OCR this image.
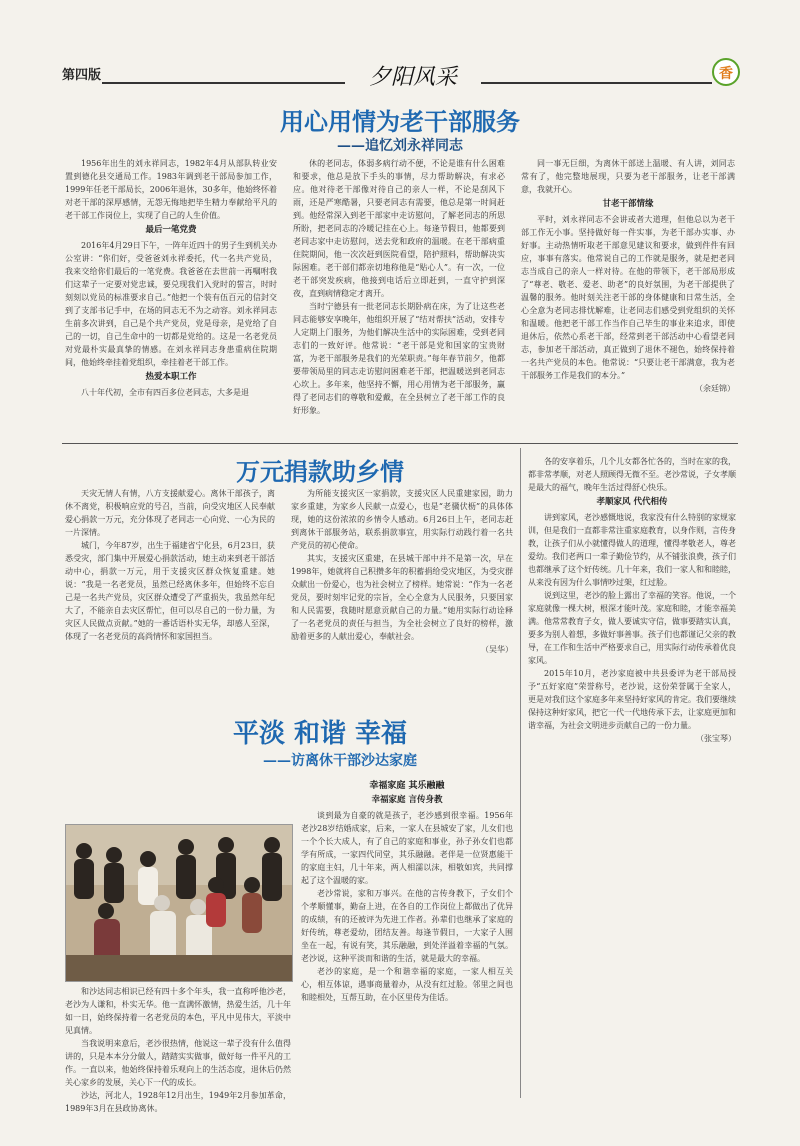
第四版	夕阳风采	香
用心用情为老干部服务
——追忆刘永祥同志

1956年出生的刘永祥同志，1982年4月从部队转业安置到德化县交通局工作。1983年调到老干部局参加工作，1999年任老干部局长，2006年退休，30多年，他始终怀着对老干部的深厚感情，无怨无悔地把毕生精力奉献给平凡的老干部工作岗位上，实现了自己的人生价值。

最后一笔党费

2016年4月29日下午，一阵年近四十的男子生到机关办公室讲：“你们好，受爸爸刘永祥委托，代一名共产党员，我来交给你们最后的一笔党费。我爸爸在去世前一再嘱咐我们这辈子一定要对党忠诚，要兑现我们入党时的誓言，时时刻刻以党员的标准要求自己。”他把一个装有伍百元的信封交到了支部书记手中，在场的同志无不为之动容。刘永祥同志生前多次讲到，自己是个共产党员，党是母亲，是党给了自己的一切，自己生命中的一切都是党给的。这是一名老党员对党最朴实最真挚的情感。在刘永祥同志身患重病住院期间，他始终牵挂着党组织，牵挂着老干部工作。

热爱本职工作

八十年代初，全市有四百多位老同志，大多是退

休的老同志，体弱多病行动不便，不论是谁有什么困难和要求，他总是放下手头的事情，尽力帮助解决，有求必应。他对待老干部像对待自己的亲人一样，不论是刮风下雨，还是严寒酷暑，只要老同志有需要，他总是第一时间赶到。他经常深入到老干部家中走访慰问，了解老同志的所思所盼，把老同志的冷暖记挂在心上。每逢节假日，他都要到老同志家中走访慰问，送去党和政府的温暖。在老干部病重住院期间，他一次次赶到医院看望，陪护照料，帮助解决实际困难。老干部们都亲切地称他是“贴心人”。有一次，一位老干部突发疾病，他接到电话后立即赶到，一直守护到深夜，直到病情稳定才离开。

当时宁德县有一批老同志长期卧病在床，为了让这些老同志能够安享晚年，他组织开展了“结对帮扶”活动，安排专人定期上门服务，为他们解决生活中的实际困难，受到老同志们的一致好评。他常说：“老干部是党和国家的宝贵财富，为老干部服务是我们的光荣职责。”每年春节前夕，他都要带领局里的同志走访慰问困难老干部，把温暖送到老同志心坎上。多年来，他坚持不懈，用心用情为老干部服务，赢得了老同志们的尊敬和爱戴，在全县树立了老干部工作的良好形象。

同一事无巨细，为离休干部送上温暖、有人讲，刘同志常有了，他完整地展现，只要为老干部服务，让老干部满意，我就开心。

甘老干部情缘

平时，刘永祥同志不会讲或者大道理，但他总以为老干部工作无小事。坚持做好每一件实事，为老干部办实事、办好事。主动热情听取老干部意见建议和要求，做到件件有回应，事事有落实。他常说自己的工作就是服务，就是把老同志当成自己的亲人一样对待。在他的带领下，老干部局形成了“尊老、敬老、爱老、助老”的良好氛围，为老干部提供了温馨的服务。他时刻关注老干部的身体健康和日常生活，全心全意为老同志排忧解难，让老同志们感受到党组织的关怀和温暖。他把老干部工作当作自己毕生的事业来追求，即使退休后，依然心系老干部，经常到老干部活动中心看望老同志，参加老干部活动，真正做到了退休不褪色，始终保持着一名共产党员的本色。他常说：“只要让老干部满意，我为老干部服务工作是我们的本分。”

（余廷锦）

万元捐款助乡情

天灾无情人有情，八方支援献爱心。离休干部孩子，离休不离党，积极响应党的号召，当前，向受灾地区人民奉献爱心捐款一万元，充分体现了老同志一心向党、一心为民的一片深情。

城门，今年87岁，出生于福建省宁化县，6月23日，获悉受灾，部门集中开展爱心捐款活动，她主动来到老干部活动中心，捐款一万元，用于支援灾区群众恢复重建。她说：“我是一名老党员，虽然已经离休多年，但始终不忘自己是一名共产党员，灾区群众遭受了严重损失，我虽然年纪大了，不能亲自去灾区帮忙，但可以尽自己的一份力量，为灾区人民做点贡献。”她的一番话语朴实无华，却感人至深，体现了一名老党员的高尚情怀和家国担当。

为所能支援灾区一家捐款，支援灾区人民重建家园，助力家乡重建，为家乡人民献一点爱心，也是“老骥伏枥”的具体体现，她的这份浓浓的乡情令人感动。6月26日上午，老同志赶到离休干部服务站，联系捐款事宜，用实际行动践行着一名共产党员的初心使命。

其实，支援灾区重建，在县城干部中并不是第一次，早在1998年，她就将自己积攒多年的积蓄捐给受灾地区，为受灾群众献出一份爱心，也为社会树立了榜样。她常说：“作为一名老党员，要时刻牢记党的宗旨，全心全意为人民服务，只要国家和人民需要，我随时愿意贡献自己的力量。”她用实际行动诠释了一名老党员的责任与担当，为全社会树立了良好的榜样，激励着更多的人献出爱心，奉献社会。

（吴华）

平淡 和谐 幸福
——访离休干部沙达家庭

和沙达同志相识已经有四十多个年头，我一直称呼他沙老，老沙为人谦和，朴实无华。他一直满怀激情，热爱生活，几十年如一日，始终保持着一名老党员的本色，平凡中见伟大，平淡中见真情。

当我说明来意后，老沙很热情，他说这一辈子没有什么值得讲的，只是本本分分做人，踏踏实实做事，做好每一件平凡的工作。一直以来，他始终保持着乐观向上的生活态度，退休后仍然关心家乡的发展，关心下一代的成长。

沙达，河北人，1928年12月出生，1949年2月参加革命，1989年3月在县政协离休。

幸福家庭 言传身教

谈到最为自豪的就是孩子，老沙感到很幸福。1956年老沙28岁结婚成家，后来，一家人在县城安了家，儿女们也一个个长大成人，有了自己的家庭和事业，孙子孙女们也都学有所成，一家四代同堂，其乐融融。老伴是一位贤惠能干的家庭主妇，几十年来，两人相濡以沫，相敬如宾，共同撑起了这个温暖的家。

老沙常说，家和万事兴。在他的言传身教下，子女们个个孝顺懂事，勤奋上进，在各自的工作岗位上都做出了优异的成绩，有的还被评为先进工作者。孙辈们也继承了家庭的好传统，尊老爱幼，团结友善。每逢节假日，一大家子人围坐在一起，有说有笑，其乐融融，到处洋溢着幸福的气氛。老沙说，这种平淡而和谐的生活，就是最大的幸福。

老沙的家庭，是一个和谐幸福的家庭，一家人相互关心，相互体谅，遇事商量着办，从没有红过脸。邻里之间也和睦相处，互帮互助，在小区里传为佳话。

各的安享着乐，几个儿女都各忙各的，当时在家的我，都非常孝顺，对老人照顾得无微不至。老沙常说，子女孝顺是最大的福气，晚年生活过得舒心快乐。

孝顺家风 代代相传

讲到家风，老沙感慨地说，我家没有什么特别的家规家训，但是我们一直都非常注重家庭教育，以身作则，言传身教，让孩子们从小就懂得做人的道理，懂得孝敬老人，尊老爱幼。我们老两口一辈子勤俭节约，从不铺张浪费，孩子们也都继承了这个好传统。几十年来，我们一家人和和睦睦，从来没有因为什么事情吵过架，红过脸。

说到这里，老沙的脸上露出了幸福的笑容。他说，一个家庭就像一棵大树，根深才能叶茂。家庭和睦，才能幸福美满。他常常教育子女，做人要诚实守信，做事要踏实认真，要多为别人着想，多做好事善事。孩子们也都谨记父亲的教导，在工作和生活中严格要求自己，用实际行动传承着优良家风。

2015年10月，老沙家庭被中共县委评为老干部局授予“五好家庭”荣誉称号，老沙说，这份荣誉属于全家人，更是对我们这个家庭多年来坚持好家风的肯定。我们要继续保持这种好家风，把它一代一代地传承下去，让家庭更加和谐幸福，为社会文明进步贡献自己的一份力量。

（张宝琴）

幸福家庭 其乐融融
